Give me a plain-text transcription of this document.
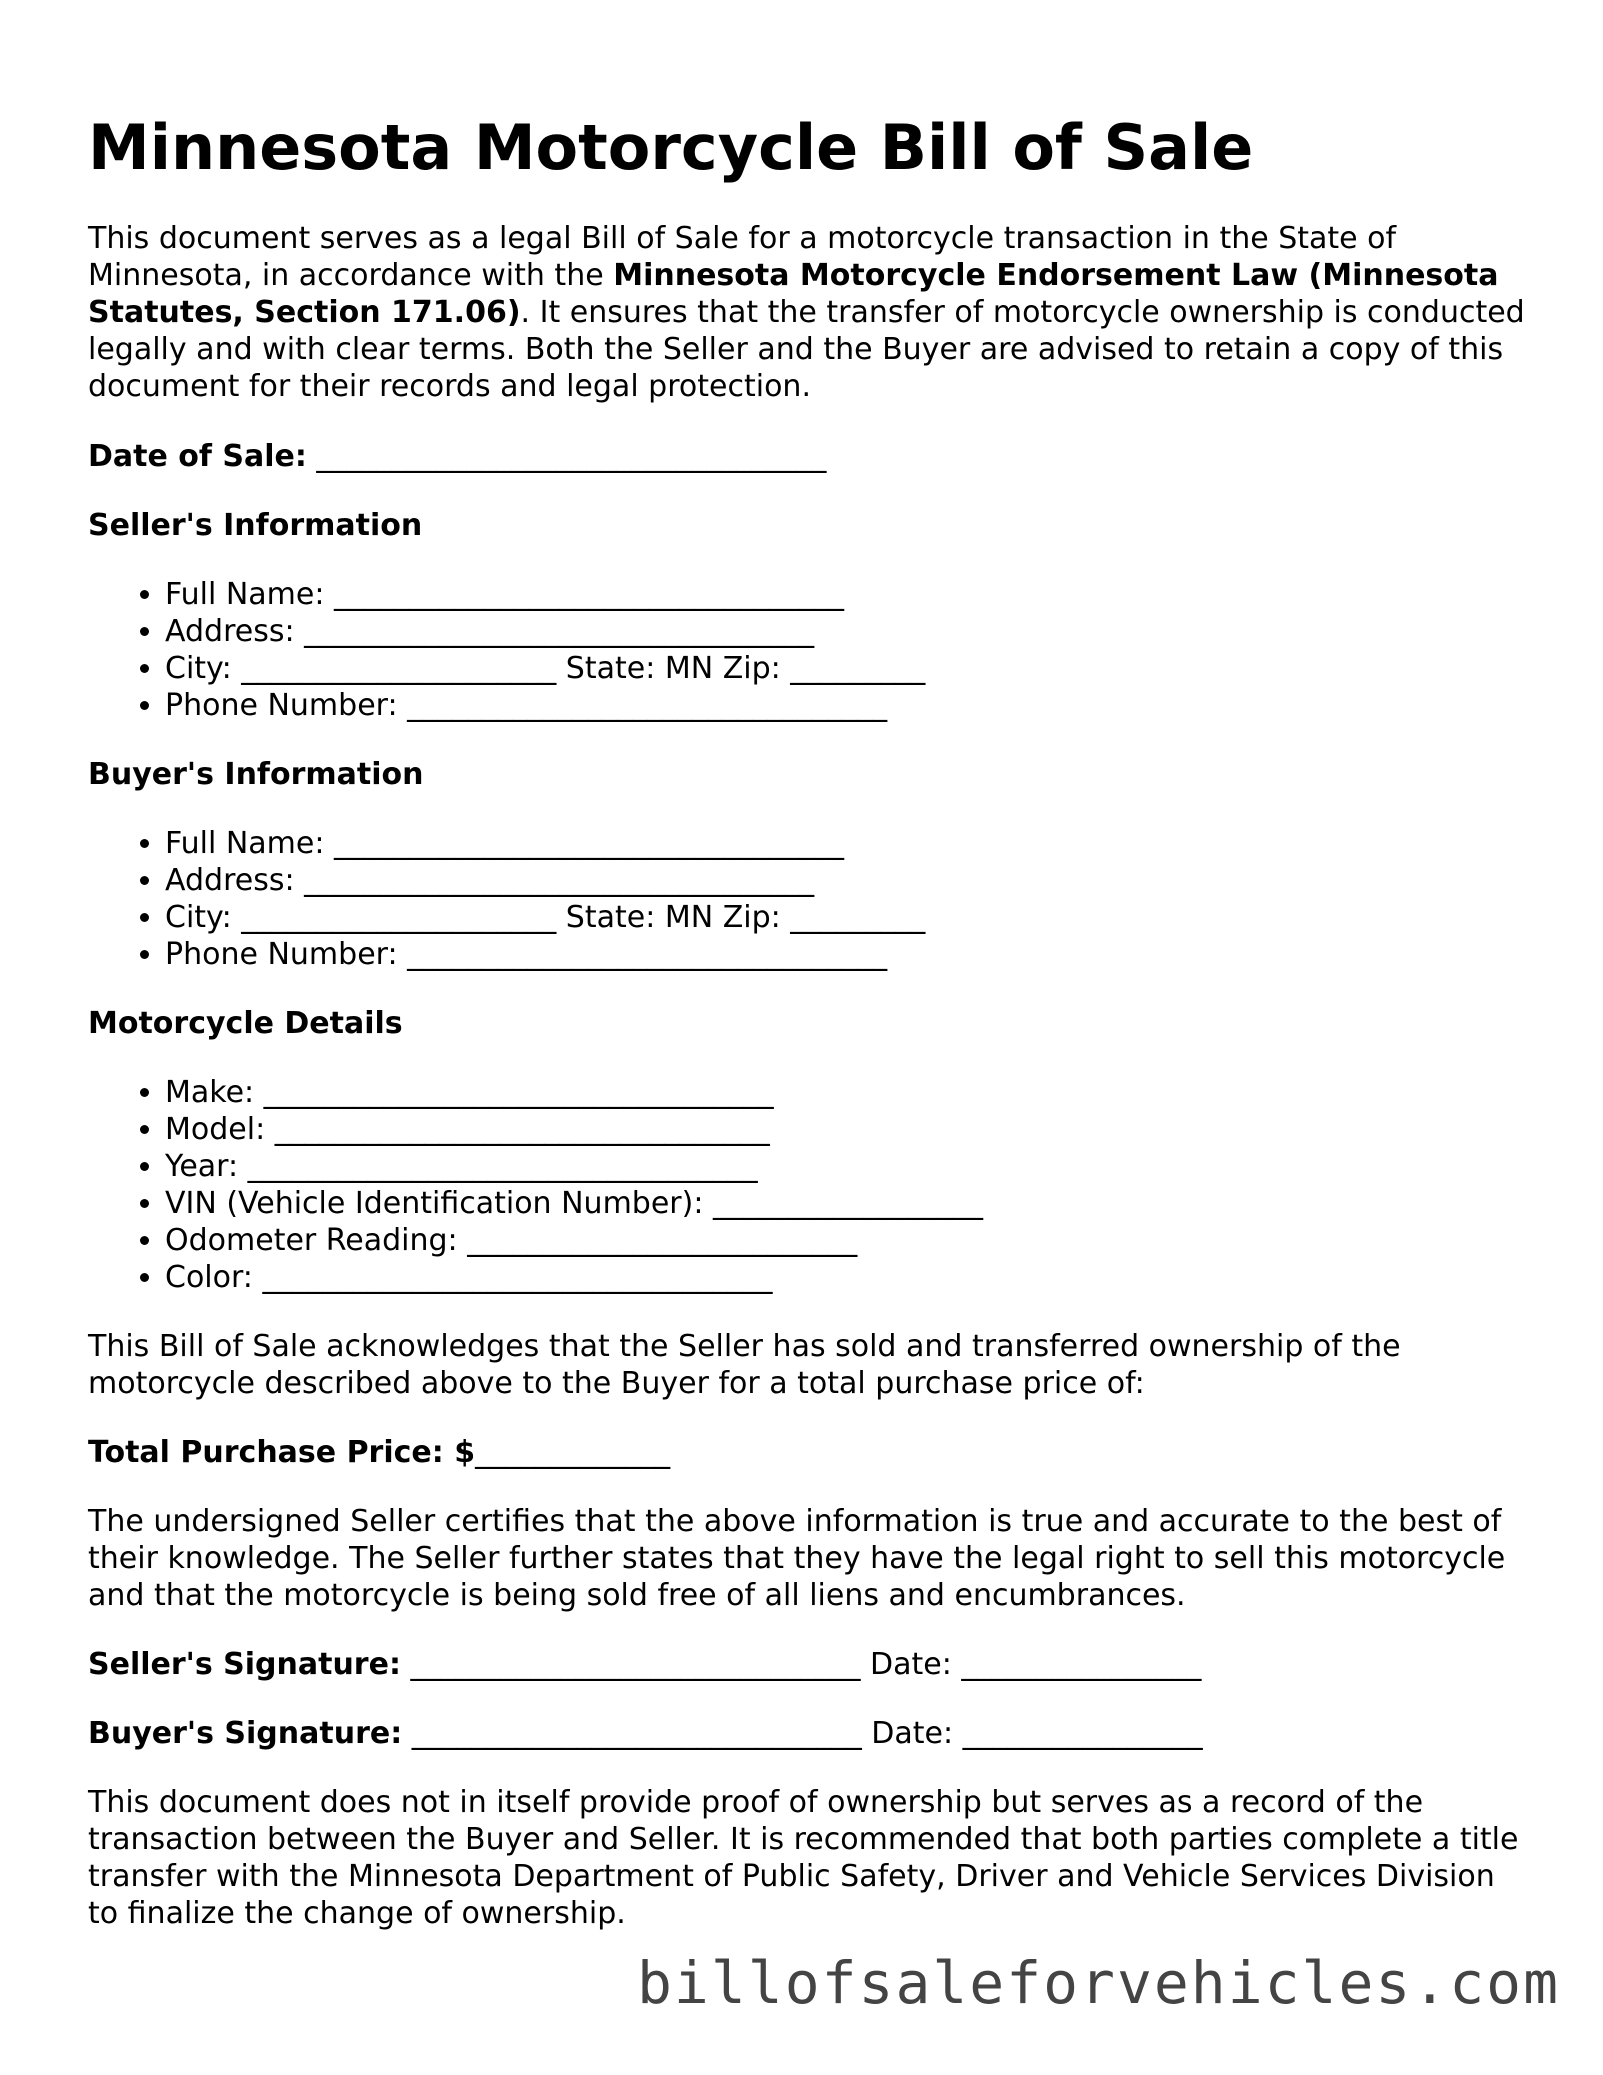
Minnesota Motorcycle Bill of Sale

This document serves as a legal Bill of Sale for a motorcycle transaction in the State of Minnesota, in accordance with the Minnesota Motorcycle Endorsement Law (Minnesota Statutes, Section 171.06). It ensures that the transfer of motorcycle ownership is conducted legally and with clear terms. Both the Seller and the Buyer are advised to retain a copy of this document for their records and legal protection.

Date of Sale: __________________________________
Seller's Information
• Full Name: __________________________________
• Address: __________________________________
• City: _____________________ State: MN Zip: _________
• Phone Number: ________________________________
Buyer's Information
• Full Name: __________________________________
• Address: __________________________________
• City: _____________________ State: MN Zip: _________
• Phone Number: ________________________________
Motorcycle Details
• Make: __________________________________
• Model: _________________________________
• Year: __________________________________
• VIN (Vehicle Identification Number): __________________
• Odometer Reading: __________________________
• Color: __________________________________

This Bill of Sale acknowledges that the Seller has sold and transferred ownership of the motorcycle described above to the Buyer for a total purchase price of:

Total Purchase Price: $_____________

The undersigned Seller certifies that the above information is true and accurate to the best of their knowledge. The Seller further states that they have the legal right to sell this motorcycle and that the motorcycle is being sold free of all liens and encumbrances.

Seller's Signature: ______________________________ Date: ________________
Buyer's Signature: ______________________________ Date: ________________

This document does not in itself provide proof of ownership but serves as a record of the transaction between the Buyer and Seller. It is recommended that both parties complete a title transfer with the Minnesota Department of Public Safety, Driver and Vehicle Services Division to finalize the change of ownership.

billofsaleforvehicles.com
